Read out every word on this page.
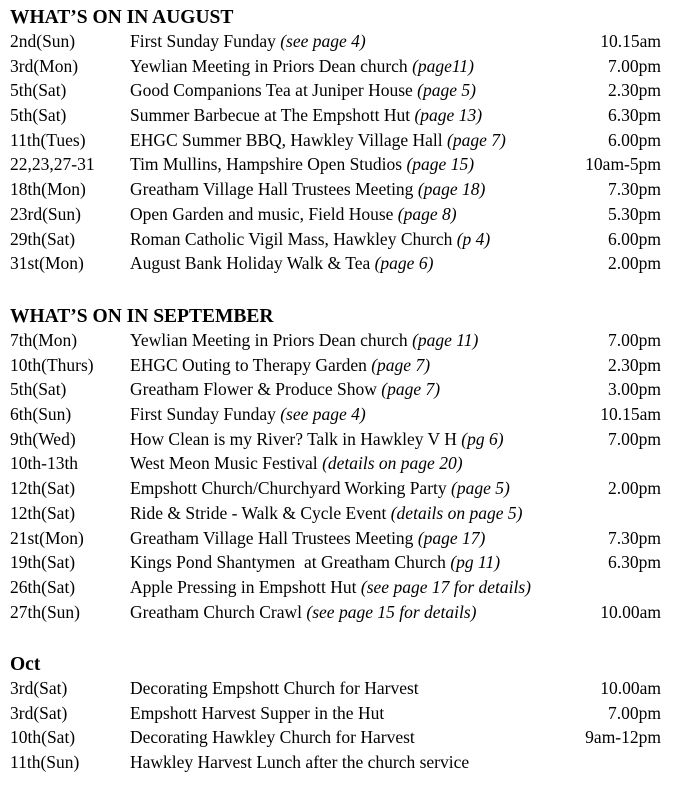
WHAT’S ON IN AUGUST
2nd(Sun)	First Sunday Funday (see page 4)	10.15am
3rd(Mon)	Yewlian Meeting in Priors Dean church (page11)	7.00pm
5th(Sat)	Good Companions Tea at Juniper House (page 5)	2.30pm
5th(Sat)	Summer Barbecue at The Empshott Hut (page 13)	6.30pm
11th(Tues)	EHGC Summer BBQ, Hawkley Village Hall (page 7)	6.00pm
22,23,27-31 Tim Mullins, Hampshire Open Studios (page 15)	10am-5pm
18th(Mon)	Greatham Village Hall Trustees Meeting (page 18)	7.30pm
23rd(Sun)	Open Garden and music, Field House (page 8)	5.30pm
29th(Sat)	Roman Catholic Vigil Mass, Hawkley Church (p 4)	6.00pm
31st(Mon)	August Bank Holiday Walk & Tea (page 6)	2.00pm
WHAT’S ON IN SEPTEMBER
7th(Mon)	Yewlian Meeting in Priors Dean church (page 11)	7.00pm
10th(Thurs) EHGC Outing to Therapy Garden (page 7)	2.30pm
5th(Sat)	Greatham Flower & Produce Show (page 7)	3.00pm
6th(Sun)	First Sunday Funday (see page 4)	10.15am
9th(Wed)	How Clean is my River? Talk in Hawkley V H (pg 6)	7.00pm
10th-13th	West Meon Music Festival (details on page 20)
12th(Sat)	Empshott Church/Churchyard Working Party (page 5)	2.00pm
12th(Sat)	Ride & Stride - Walk & Cycle Event (details on page 5)
21st(Mon)	Greatham Village Hall Trustees Meeting (page 17)	7.30pm
19th(Sat)	Kings Pond Shantymen  at Greatham Church (pg 11)	6.30pm
26th(Sat)	Apple Pressing in Empshott Hut (see page 17 for details)
27th(Sun)	Greatham Church Crawl (see page 15 for details)	10.00am
Oct
3rd(Sat)	Decorating Empshott Church for Harvest	10.00am
3rd(Sat)	Empshott Harvest Supper in the Hut	7.00pm
10th(Sat)	Decorating Hawkley Church for Harvest	9am-12pm
11th(Sun)	Hawkley Harvest Lunch after the church service
